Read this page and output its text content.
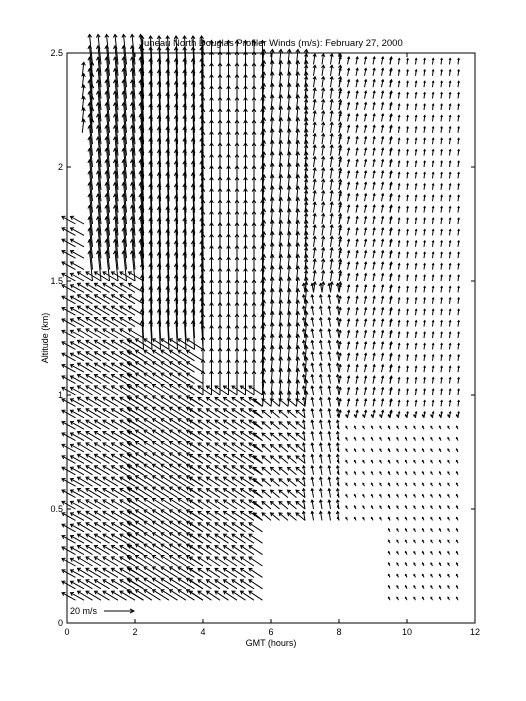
Juneau North Douglas Profiler Winds (m/s): February 27, 2000
0	2	4	6	8	10	12
0
0.5
1
1.5
2
2.5
GMT (hours)
Altitude (km)
20 m/s
